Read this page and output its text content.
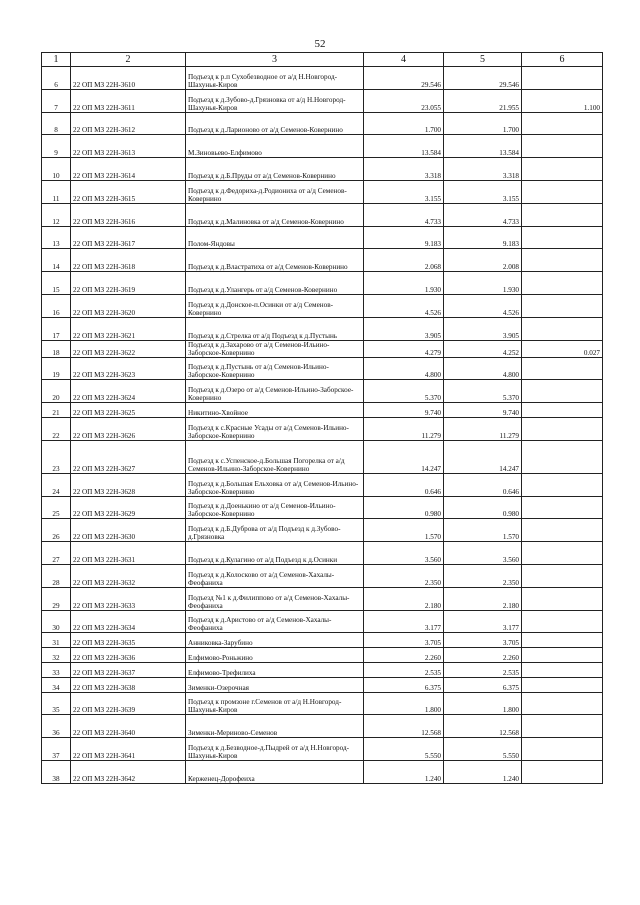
52
1	2	3	4	5	6
6	22 ОП МЗ 22Н-3610	Подъезд к р.п Сухобезводное от а/д Н.Новгород-Шахунья-Киров	29.546	29.546	
7	22 ОП МЗ 22Н-3611	Подъезд к д.Зубово-д.Грязновка от а/д Н.Новгород-Шахунья-Киров	23.055	21.955	1.100
8	22 ОП МЗ 22Н-3612	Подъезд к д.Ларионово от а/д Семенов-Ковернино	1.700	1.700	
9	22 ОП МЗ 22Н-3613	М.Зиновьево-Елфимово	13.584	13.584	
10	22 ОП МЗ 22Н-3614	Подъезд к д.Б.Пруды от а/д Семенов-Ковернино	3.318	3.318	
11	22 ОП МЗ 22Н-3615	Подъезд к д.Федориха-д.Родиониха от а/д Семенов-Ковернино	3.155	3.155	
12	22 ОП МЗ 22Н-3616	Подъезд к д.Малиновка от а/д Семенов-Ковернино	4.733	4.733	
13	22 ОП МЗ 22Н-3617	Полом-Яндовы	9.183	9.183	
14	22 ОП МЗ 22Н-3618	Подъезд к д.Властратиха от а/д Семенов-Ковернино	2.068	2.008	
15	22 ОП МЗ 22Н-3619	Подъезд к д.Улангерь от а/д Семенов-Ковернино	1.930	1.930	
16	22 ОП МЗ 22Н-3620	Подъезд к д.Донское-п.Осинки от а/д Семенов-Ковернино	4.526	4.526	
17	22 ОП МЗ 22Н-3621	Подъезд к д.Стрелка от а/д Подъезд к д.Пустынь	3.905	3.905	
18	22 ОП МЗ 22Н-3622	Подъезд к д.Захарово от а/д Семенов-Ильино-Заборское-Ковернино	4.279	4.252	0.027
19	22 ОП МЗ 22Н-3623	Подъезд к д.Пустынь от а/д Семенов-Ильино-Заборское-Ковернино	4.800	4.800	
20	22 ОП МЗ 22Н-3624	Подъезд к д.Озеро от а/д Семенов-Ильино-Заборское-Ковернино	5.370	5.370	
21	22 ОП МЗ 22Н-3625	Никитино-Хвойное	9.740	9.740	
22	22 ОП МЗ 22Н-3626	Подъезд к с.Красные Усады от а/д Семенов-Ильино-Заборское-Ковернино	11.279	11.279	
23	22 ОП МЗ 22Н-3627	Подъезд к с.Успенское-д.Большая Погорелка от а/д Семенов-Ильино-Заборское-Ковернино	14.247	14.247	
24	22 ОП МЗ 22Н-3628	Подъезд к д.Большая Ельховка от а/д Семенов-Ильино-Заборское-Ковернино	0.646	0.646	
25	22 ОП МЗ 22Н-3629	Подъезд к д.Доенькино от а/д Семенов-Ильино-Заборское-Ковернино	0.980	0.980	
26	22 ОП МЗ 22Н-3630	Подъезд к д.Б.Дуброва от а/д Подъезд к д.Зубово-д.Грязновка	1.570	1.570	
27	22 ОП МЗ 22Н-3631	Подъезд к д.Кулагино от а/д Подъезд к д.Осинки	3.560	3.560	
28	22 ОП МЗ 22Н-3632	Подъезд к д.Колосково от а/д Семенов-Хахалы-Феофаниха	2.350	2.350	
29	22 ОП МЗ 22Н-3633	Подъезд №1 к д.Филиппово от а/д Семенов-Хахалы-Феофаниха	2.180	2.180	
30	22 ОП МЗ 22Н-3634	Подъезд к д.Аристово от а/д Семенов-Хахалы-Феофаниха	3.177	3.177	
31	22 ОП МЗ 22Н-3635	Анниковка-Зарубино	3.705	3.705	
32	22 ОП МЗ 22Н-3636	Елфимово-Роньжино	2.260	2.260	
33	22 ОП МЗ 22Н-3637	Елфимово-Трефилиха	2.535	2.535	
34	22 ОП МЗ 22Н-3638	Зименки-Озерочная	6.375	6.375	
35	22 ОП МЗ 22Н-3639	Подъезд к промзоне г.Семенов от а/д Н.Новгород-Шахунья-Киров	1.800	1.800	
36	22 ОП МЗ 22Н-3640	Зименки-Мериново-Семенов	12.568	12.568	
37	22 ОП МЗ 22Н-3641	Подъезд к д.Безводное-д.Пыдрей от а/д Н.Новгород-Шахунья-Киров	5.550	5.550	
38	22 ОП МЗ 22Н-3642	Керженец-Дорофеиха	1.240	1.240	
